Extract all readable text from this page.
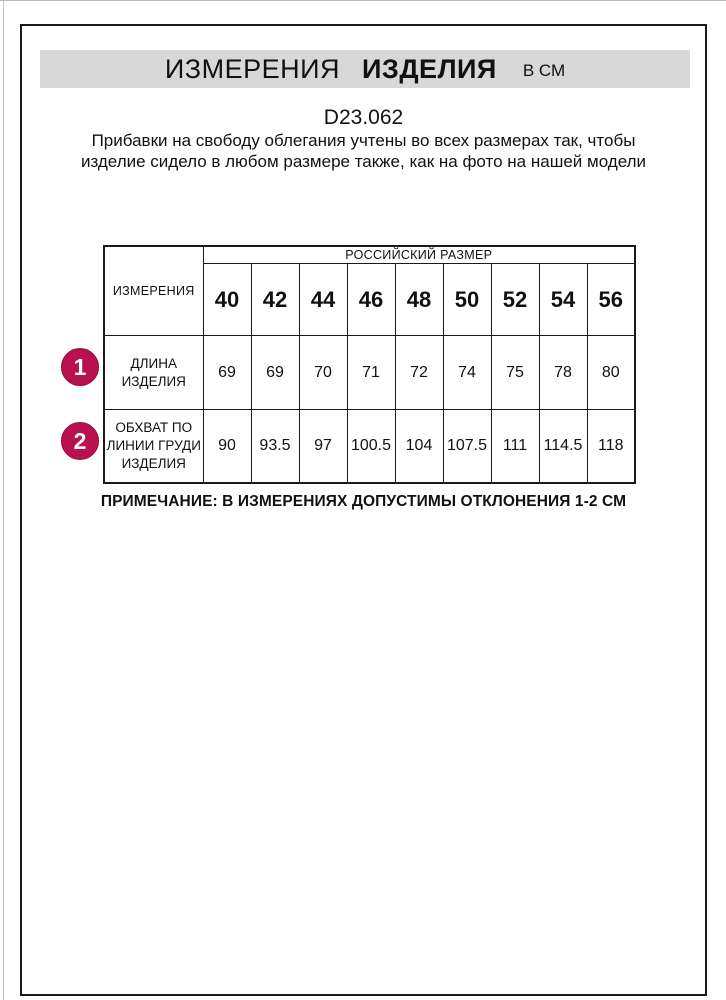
ИЗМЕРЕНИЯ ИЗДЕЛИЯ В СМ
D23.062
Прибавки на свободу облегания учтены во всех размерах так, чтобы изделие сидело в любом размере также, как на фото на нашей модели
ИЗМЕРЕНИЯ	РОССИЙСКИЙ РАЗМЕР								
	40	42	44	46	48	50	52	54	56
ДЛИНА ИЗДЕЛИЯ	69	69	70	71	72	74	75	78	80
ОБХВАТ ПО ЛИНИИ ГРУДИ ИЗДЕЛИЯ	90	93.5	97	100.5	104	107.5	111	114.5	118
1
2
ПРИМЕЧАНИЕ: В ИЗМЕРЕНИЯХ ДОПУСТИМЫ ОТКЛОНЕНИЯ 1-2 СМ
